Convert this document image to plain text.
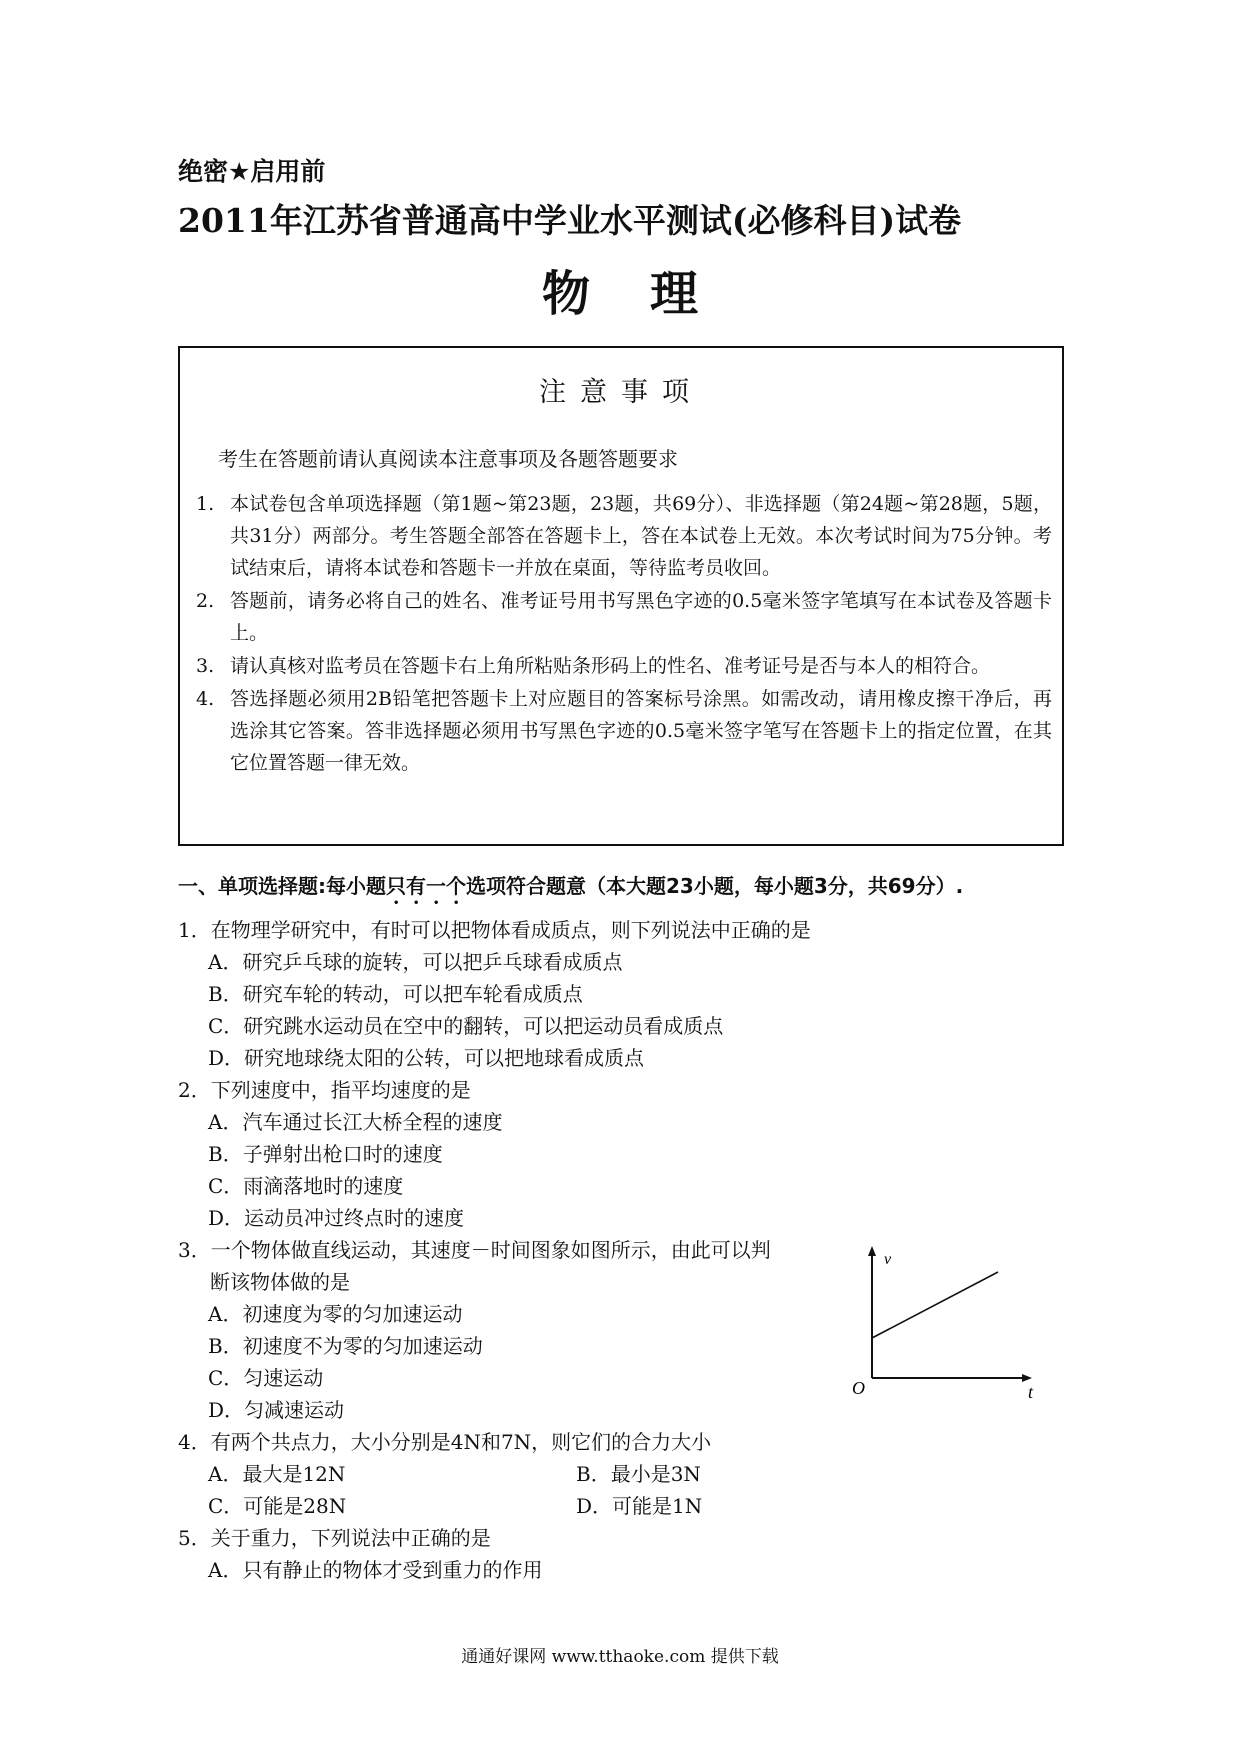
绝密★启用前
2011年江苏省普通高中学业水平测试(必修科目)试卷
物理
注意事项
考生在答题前请认真阅读本注意事项及各题答题要求
1. 本试卷包含单项选择题（第1题~第23题，23题，共69分）、非选择题（第24题~第28题，5题，共31分）两部分。考生答题全部答在答题卡上，答在本试卷上无效。本次考试时间为75分钟。考试结束后，请将本试卷和答题卡一并放在桌面，等待监考员收回。
2. 答题前，请务必将自己的姓名、准考证号用书写黑色字迹的0.5毫米签字笔填写在本试卷及答题卡上。
3. 请认真核对监考员在答题卡右上角所粘贴条形码上的性名、准考证号是否与本人的相符合。
4. 答选择题必须用2B铅笔把答题卡上对应题目的答案标号涂黑。如需改动，请用橡皮擦干净后，再选涂其它答案。答非选择题必须用书写黑色字迹的0.5毫米签字笔写在答题卡上的指定位置，在其它位置答题一律无效。
一、单项选择题:每小题只有一个选项符合题意（本大题23小题，每小题3分，共69分）.
1．在物理学研究中，有时可以把物体看成质点，则下列说法中正确的是
A．研究乒乓球的旋转，可以把乒乓球看成质点
B．研究车轮的转动，可以把车轮看成质点
C．研究跳水运动员在空中的翻转，可以把运动员看成质点
D．研究地球绕太阳的公转，可以把地球看成质点
2．下列速度中，指平均速度的是
A．汽车通过长江大桥全程的速度
B．子弹射出枪口时的速度
C．雨滴落地时的速度
D．运动员冲过终点时的速度
3．一个物体做直线运动，其速度－时间图象如图所示，由此可以判
断该物体做的是
A．初速度为零的匀加速运动
B．初速度不为零的匀加速运动
C．匀速运动
D．匀减速运动
v
t
O
4．有两个共点力，大小分别是4N和7N，则它们的合力大小
A．最大是12N	B．最小是3N
C．可能是28N	D．可能是1N
5．关于重力，下列说法中正确的是
A．只有静止的物体才受到重力的作用
通通好课网 www.tthaoke.com 提供下载
